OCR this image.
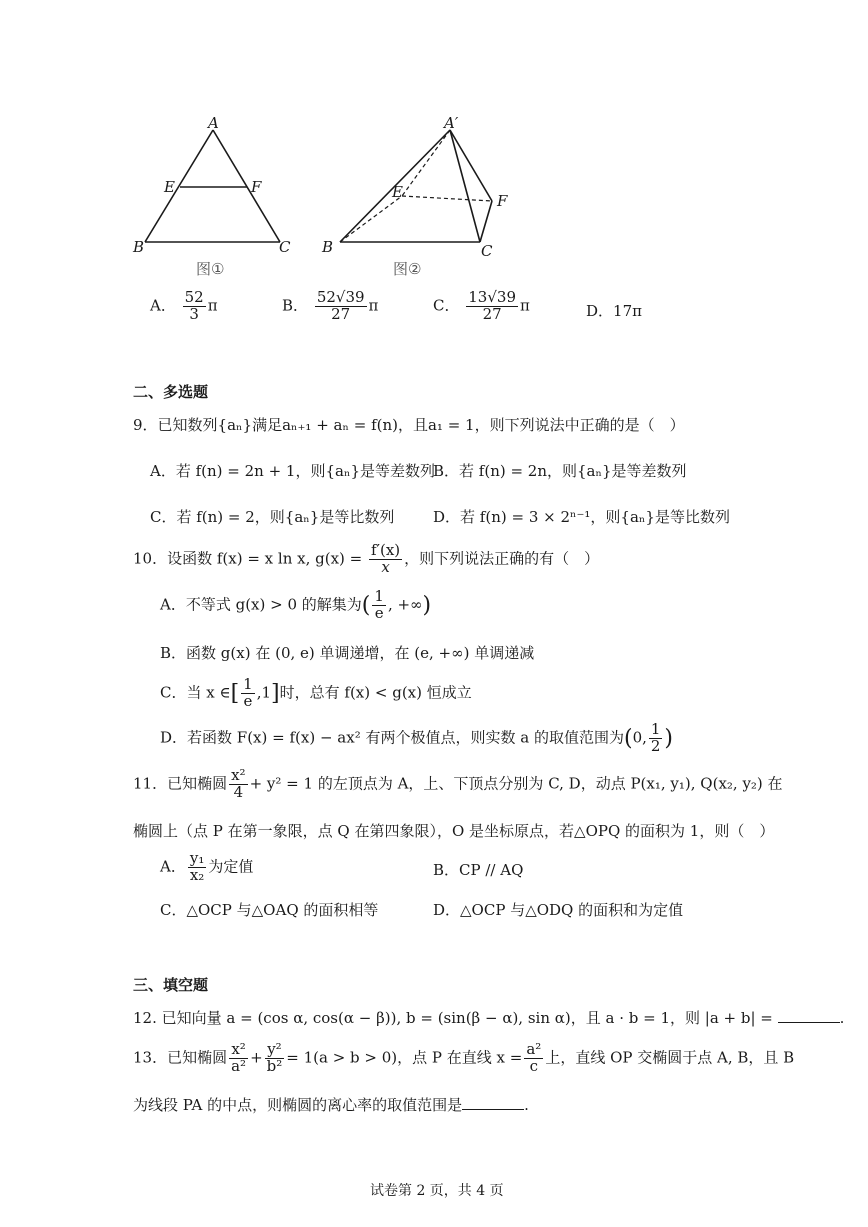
A
E	F
B	C
图①
A′
E	F
B	C
图②
A． $\frac{52}{3}$ π	B． $\frac{52√39}{27}$ π	C． $\frac{13√39}{27}$ π	D．17π
二、多选题
9．已知数列{aₙ}满足aₙ₊₁ + aₙ = f(n)，且a₁ = 1，则下列说法中正确的是（　）
A．若 f(n) = 2n + 1，则{aₙ}是等差数列
B．若 f(n) = 2n，则{aₙ}是等差数列
C．若 f(n) = 2，则{aₙ}是等比数列	D．若 f(n) = 3 × 2ⁿ⁻¹，则{aₙ}是等比数列
10．设函数 f(x) = x ln x, $g(x) = \frac{f'(x)}{x}$ ，则下列说法正确的有（　）
A．不等式 g(x) > 0 的解集为( $\frac{1}{e}$ , +∞)
B．函数 g(x) 在 (0, e) 单调递增，在 (e, +∞) 单调递减
C．当 x ∈[ $\frac{1}{e} ,1$]时，总有 f(x) < g(x) 恒成立
D．若函数 F(x) = f(x) − ax² 有两个极值点，则实数 a 的取值范围为(0, $\frac{1}{2}$ )
11．已知椭圆 $\frac{\text{x²}}{4} + y^2 = 1$ 的左顶点为 A，上、下顶点分别为 C, D，动点 P(x₁, y₁), Q(x₂, y₂) 在
椭圆上（点 P 在第一象限，点 Q 在第四象限），O 是坐标原点，若△OPQ 的面积为 1，则（　）
A． $\frac{\text{y₁}}{\text{x₂}}$ 为定值	B．CP // AQ
C．△OCP 与△OAQ 的面积相等	D．△OCP 与△ODQ 的面积和为定值
三、填空题
12. 已知向量 a = (cos α, cos(α − β)), b = (sin(β − α), sin α)，且 a · b = 1，则 |a + b| =	.
13．已知椭圆 $\frac{\text{x²}}{\text{a²}} + \frac{\text{y²}}{\text{b²}} = 1(a > b > 0)$，点 P 在直线 $x = \frac{\text{a²}}{c}$ 上，直线 OP 交椭圆于点 A, B，且 B
为线段 PA 的中点，则椭圆的离心率的取值范围是	.
试卷第 2 页，共 4 页
